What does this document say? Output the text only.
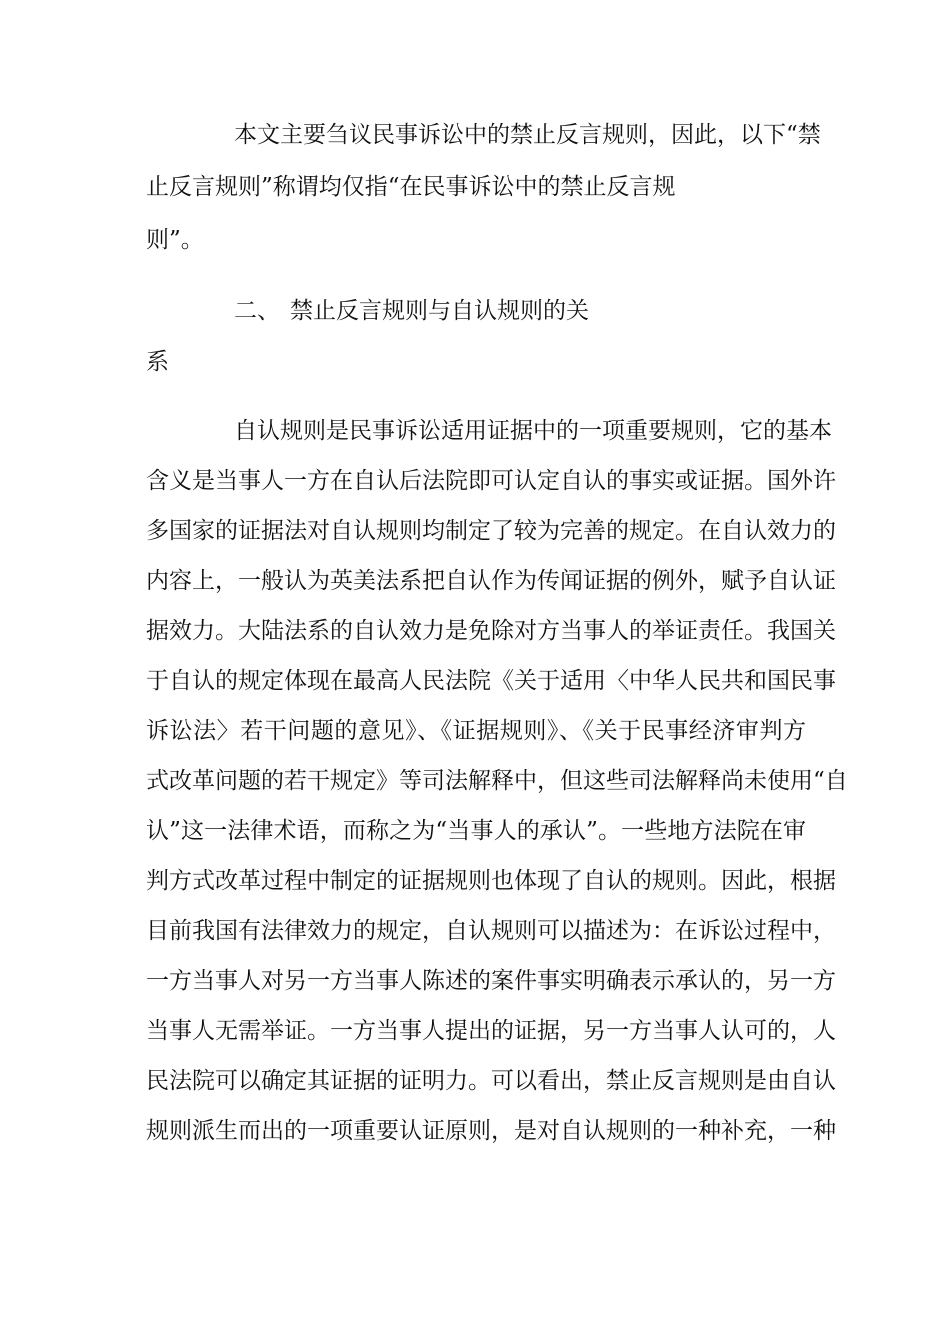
本文主要刍议民事诉讼中的禁止反言规则，因此，以下“禁
止反言规则”称谓均仅指“在民事诉讼中的禁止反言规
则”。
二、 禁止反言规则与自认规则的关
系
自认规则是民事诉讼适用证据中的一项重要规则，它的基本
含义是当事人一方在自认后法院即可认定自认的事实或证据。国外许
多国家的证据法对自认规则均制定了较为完善的规定。在自认效力的
内容上，一般认为英美法系把自认作为传闻证据的例外，赋予自认证
据效力。大陆法系的自认效力是免除对方当事人的举证责任。我国关
于自认的规定体现在最高人民法院《关于适用〈中华人民共和国民事
诉讼法〉若干问题的意见》、《证据规则》、《关于民事经济审判方
式改革问题的若干规定》等司法解释中，但这些司法解释尚未使用“自
认”这一法律术语，而称之为“当事人的承认”。一些地方法院在审
判方式改革过程中制定的证据规则也体现了自认的规则。因此，根据
目前我国有法律效力的规定，自认规则可以描述为：在诉讼过程中，
一方当事人对另一方当事人陈述的案件事实明确表示承认的，另一方
当事人无需举证。一方当事人提出的证据，另一方当事人认可的，人
民法院可以确定其证据的证明力。可以看出，禁止反言规则是由自认
规则派生而出的一项重要认证原则，是对自认规则的一种补充，一种
